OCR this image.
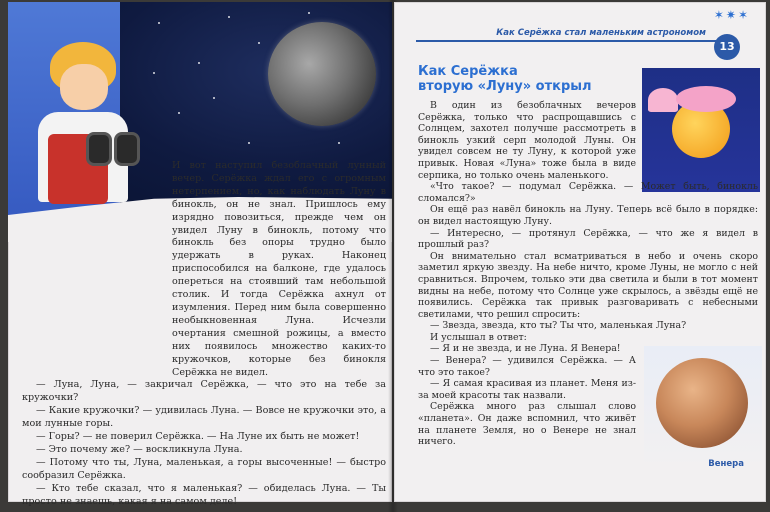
И вот наступил безоблачный лунный вечер. Серёжка ждал его с огромным нетерпением, но, как наблюдать Луну в бинокль, он не знал. Пришлось ему изрядно повозиться, прежде чем он увидел Луну в бинокль, потому что бинокль без опоры трудно было удержать в руках. Наконец приспособился на балконе, где удалось опереться на стоявший там небольшой столик. И тогда Серёжка ахнул от изумления. Перед ним была совершенно необыкновенная Луна. Исчезли очертания смешной рожицы, а вместо них появилось множество каких-то кружочков, которые без бинокля Серёжка не видел.

— Луна, Луна, — закричал Серёжка, — что это на тебе за кружочки?

— Какие кружочки? — удивилась Луна. — Вовсе не кружочки это, а мои лунные горы.

— Горы? — не поверил Серёжка. — На Луне их быть не может!

— Это почему же? — воскликнула Луна.

— Потому что ты, Луна, маленькая, а горы высоченные! — быстро сообразил Серёжка.

— Кто тебе сказал, что я маленькая? — обиделась Луна. — Ты просто не знаешь, какая я на самом деле!

✶✷✶
Как Серёжка стал маленьким астрономом
13
Как Серёжка
вторую «Луну» открыл

В один из безоблачных вечеров Серёжка, только что распрощавшись с Солнцем, захотел получше рассмотреть в бинокль узкий серп молодой Луны. Он увидел совсем не ту Луну, к которой уже привык. Новая «Луна» тоже была в виде серпика, но только очень маленького.

«Что такое? — подумал Серёжка. — Может быть, бинокль сломался?»

Он ещё раз навёл бинокль на Луну. Теперь всё было в порядке: он видел настоящую Луну.

— Интересно, — протянул Серёжка, — что же я видел в прошлый раз?

Он внимательно стал всматриваться в небо и очень скоро заметил яркую звезду. На небе ничто, кроме Луны, не могло с ней сравниться. Впрочем, только эти два светила и были в тот момент видны на небе, потому что Солнце уже скрылось, а звёзды ещё не появились. Серёжка так привык разговаривать с небесными светилами, что решил спросить:

— Звезда, звезда, кто ты? Ты что, маленькая Луна?

И услышал в ответ:

— Я и не звезда, и не Луна. Я Венера!

— Венера? — удивился Серёжка. — А что это такое?

— Я самая красивая из планет. Меня из-за моей красоты так назвали.

Серёжка много раз слышал слово «планета». Он даже вспомнил, что живёт на планете Земля, но о Венере не знал ничего.

Венера
